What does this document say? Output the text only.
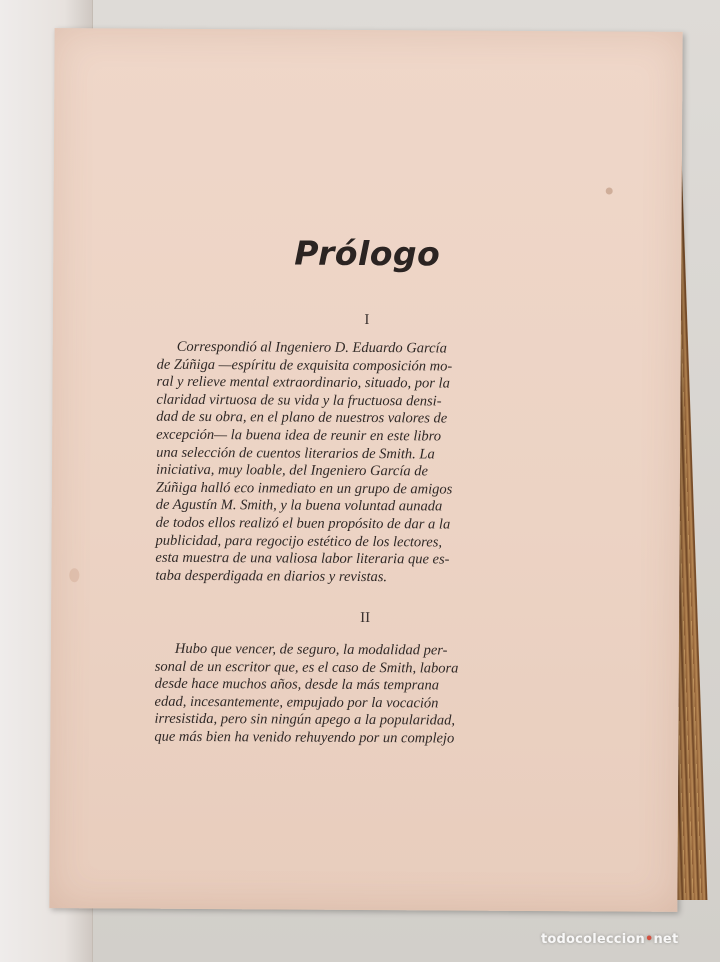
Prólogo
I
Correspondió al Ingeniero D. Eduardo García
de Zúñiga —espíritu de exquisita composición mo-
ral y relieve mental extraordinario, situado, por la
claridad virtuosa de su vida y la fructuosa densi-
dad de su obra, en el plano de nuestros valores de
excepción— la buena idea de reunir en este libro
una selección de cuentos literarios de Smith. La
iniciativa, muy loable, del Ingeniero García de
Zúñiga halló eco inmediato en un grupo de amigos
de Agustín M. Smith, y la buena voluntad aunada
de todos ellos realizó el buen propósito de dar a la
publicidad, para regocijo estético de los lectores,
esta muestra de una valiosa labor literaria que es-
taba desperdigada en diarios y revistas.
II
Hubo que vencer, de seguro, la modalidad per-
sonal de un escritor que, es el caso de Smith, labora
desde hace muchos años, desde la más temprana
edad, incesantemente, empujado por la vocación
irresistida, pero sin ningún apego a la popularidad,
que más bien ha venido rehuyendo por un complejo
todocoleccion•net
